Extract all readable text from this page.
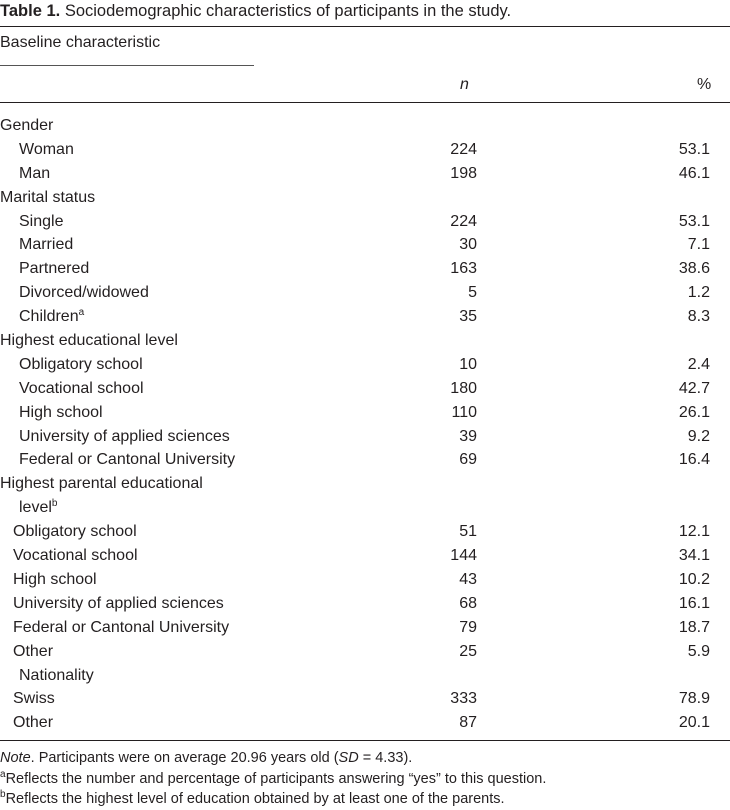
Table 1. Sociodemographic characteristics of participants in the study.
Baseline characteristic
n	%
Gender
Woman	224	53.1
Man	198	46.1
Marital status
Single	224	53.1
Married	30	7.1
Partnered	163	38.6
Divorced/widowed	5	1.2
Children$^a$	35	8.3
Highest educational level
Obligatory school	10	2.4
Vocational school	180	42.7
High school	110	26.1
University of applied sciences	39	9.2
Federal or Cantonal University	69	16.4
Highest parental educational
level$^b$
Obligatory school	51	12.1
Vocational school	144	34.1
High school	43	10.2
University of applied sciences	68	16.1
Federal or Cantonal University	79	18.7
Other	25	5.9
Nationality
Swiss	333	78.9
Other	87	20.1
Note. Participants were on average 20.96 years old (SD = 4.33).
$^a$Reflects the number and percentage of participants answering “yes” to this question.
$^b$Reflects the highest level of education obtained by at least one of the parents.
